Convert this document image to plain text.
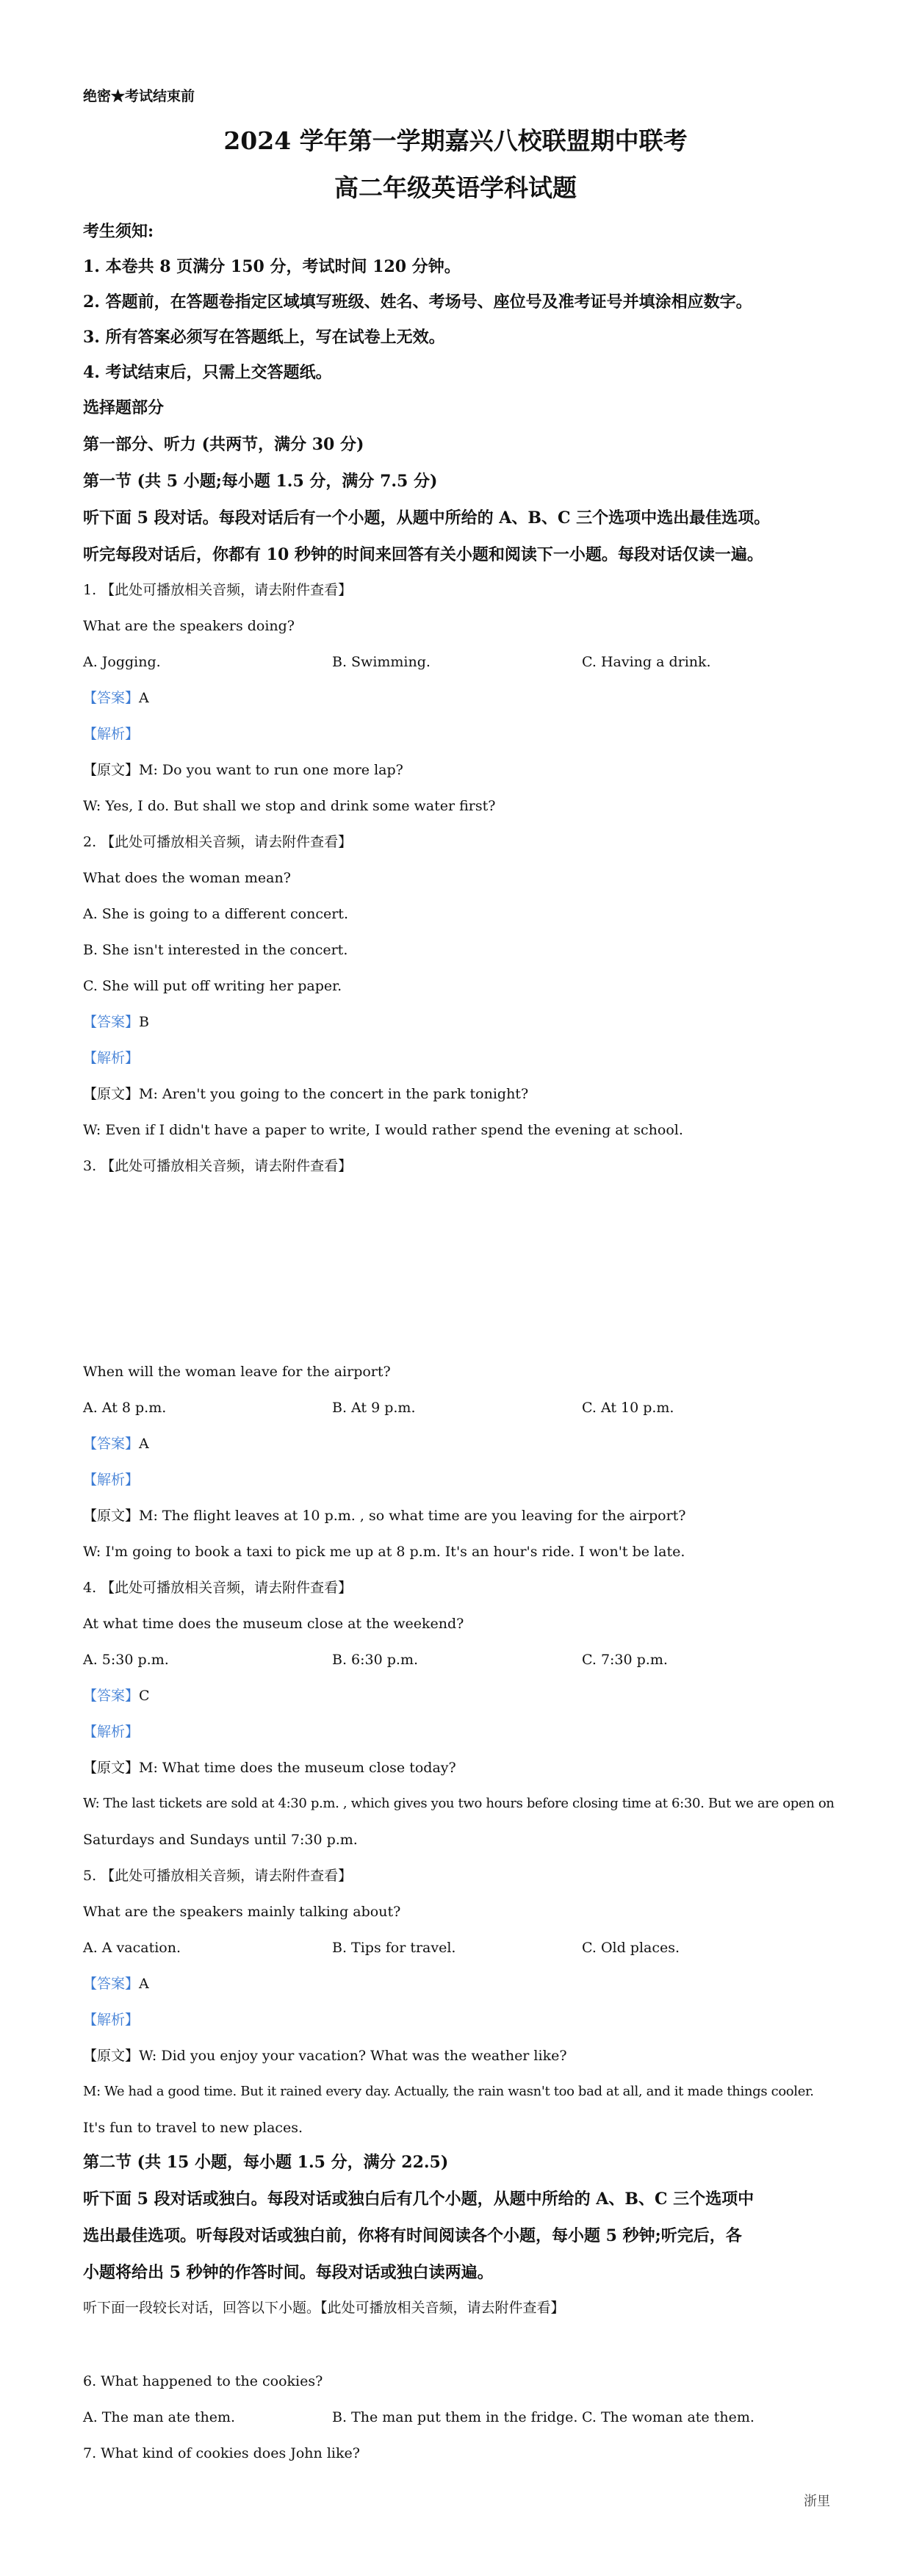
绝密★考试结束前
2024 学年第一学期嘉兴八校联盟期中联考
高二年级英语学科试题
考生须知:
1. 本卷共 8 页满分 150 分，考试时间 120 分钟。
2. 答题前，在答题卷指定区域填写班级、姓名、考场号、座位号及准考证号并填涂相应数字。
3. 所有答案必须写在答题纸上，写在试卷上无效。
4. 考试结束后，只需上交答题纸。
选择题部分
第一部分、听力 (共两节，满分 30 分)
第一节 (共 5 小题;每小题 1.5 分，满分 7.5 分)
听下面 5 段对话。每段对话后有一个小题，从题中所给的 A、B、C 三个选项中选出最佳选项。
听完每段对话后，你都有 10 秒钟的时间来回答有关小题和阅读下一小题。每段对话仅读一遍。
1. 【此处可播放相关音频，请去附件查看】
What are the speakers doing?
A. Jogging.	B. Swimming.	C. Having a drink.
【答案】A
【解析】
【原文】M: Do you want to run one more lap?
W: Yes, I do. But shall we stop and drink some water first?
2. 【此处可播放相关音频，请去附件查看】
What does the woman mean?
A. She is going to a different concert.
B. She isn't interested in the concert.
C. She will put off writing her paper.
【答案】B
【解析】
【原文】M: Aren't you going to the concert in the park tonight?
W: Even if I didn't have a paper to write, I would rather spend the evening at school.
3. 【此处可播放相关音频，请去附件查看】
When will the woman leave for the airport?
A. At 8 p.m.	B. At 9 p.m.	C. At 10 p.m.
【答案】A
【解析】
【原文】M: The flight leaves at 10 p.m. , so what time are you leaving for the airport?
W: I'm going to book a taxi to pick me up at 8 p.m. It's an hour's ride. I won't be late.
4. 【此处可播放相关音频，请去附件查看】
At what time does the museum close at the weekend?
A. 5:30 p.m.	B. 6:30 p.m.	C. 7:30 p.m.
【答案】C
【解析】
【原文】M: What time does the museum close today?
W: The last tickets are sold at 4:30 p.m. , which gives you two hours before closing time at 6:30. But we are open on
Saturdays and Sundays until 7:30 p.m.
5. 【此处可播放相关音频，请去附件查看】
What are the speakers mainly talking about?
A. A vacation.	B. Tips for travel.	C. Old places.
【答案】A
【解析】
【原文】W: Did you enjoy your vacation? What was the weather like?
M: We had a good time. But it rained every day. Actually, the rain wasn't too bad at all, and it made things cooler.
It's fun to travel to new places.
第二节 (共 15 小题，每小题 1.5 分，满分 22.5)
听下面 5 段对话或独白。每段对话或独白后有几个小题，从题中所给的 A、B、C 三个选项中
选出最佳选项。听每段对话或独白前，你将有时间阅读各个小题，每小题 5 秒钟;听完后，各
小题将给出 5 秒钟的作答时间。每段对话或独白读两遍。
听下面一段较长对话，回答以下小题。【此处可播放相关音频，请去附件查看】
6. What happened to the cookies?
A. The man ate them.	B. The man put them in the fridge. C. The woman ate them.
7. What kind of cookies does John like?
浙里
